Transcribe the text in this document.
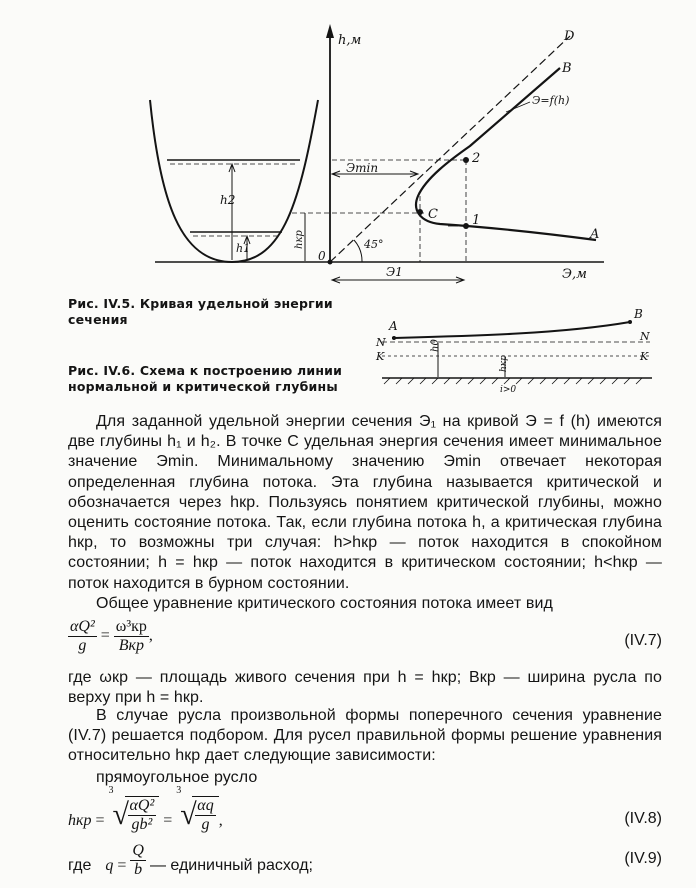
h,м
Э,м
D
B
A
C
2
1
0
Э=f(h)
Эmin
Э1
h2
h1	hкр	45°
A
B
N	N
K	K
h0
hкр
i>0
Рис. IV.5. Кривая удельной энергии сечения
Рис. IV.6. Схема к построению линии нормальной и критической глубины
Для заданной удельной энергии сечения Э₁ на кривой Э = f (h) имеются две глубины h₁ и h₂. В точке C удельная энергия сечения имеет минимальное значение Эmin. Минимальному значению Эmin отвечает некоторая определенная глубина потока. Эта глубина называется критической и обозначается через hкр. Пользуясь понятием критической глубины, можно оценить состояние потока. Так, если глубина потока h, а критическая глубина hкр, то возможны три случая: h>hкр — поток находится в спокойном состоянии; h = hкр — поток находится в критическом состоянии; h<hкр — поток находится в бурном состоянии.
Общее уравнение критического состояния потока имеет вид
$\frac{\text{αQ²}}{g} = \frac{\text{ω³кр}}{\text{Bкр}}$ ,	(IV.7)
где ωкр — площадь живого сечения при h = hкр; Bкр — ширина русла по верху при h = hкр.
В случае русла произвольной формы поперечного сечения уравнение (IV.7) решается подбором. Для русел правильной формы решение уравнения относительно hкр дает следующие зависимости:
прямоугольное русло
hкр =
3
√
$\frac{\text{αQ²}}{\text{gb²}}$ =
3
√
$\frac{\alpha q}{g}$ ,	(IV.8)
где $q = \frac{Q}{b}$ — единичный расход;	(IV.9)
